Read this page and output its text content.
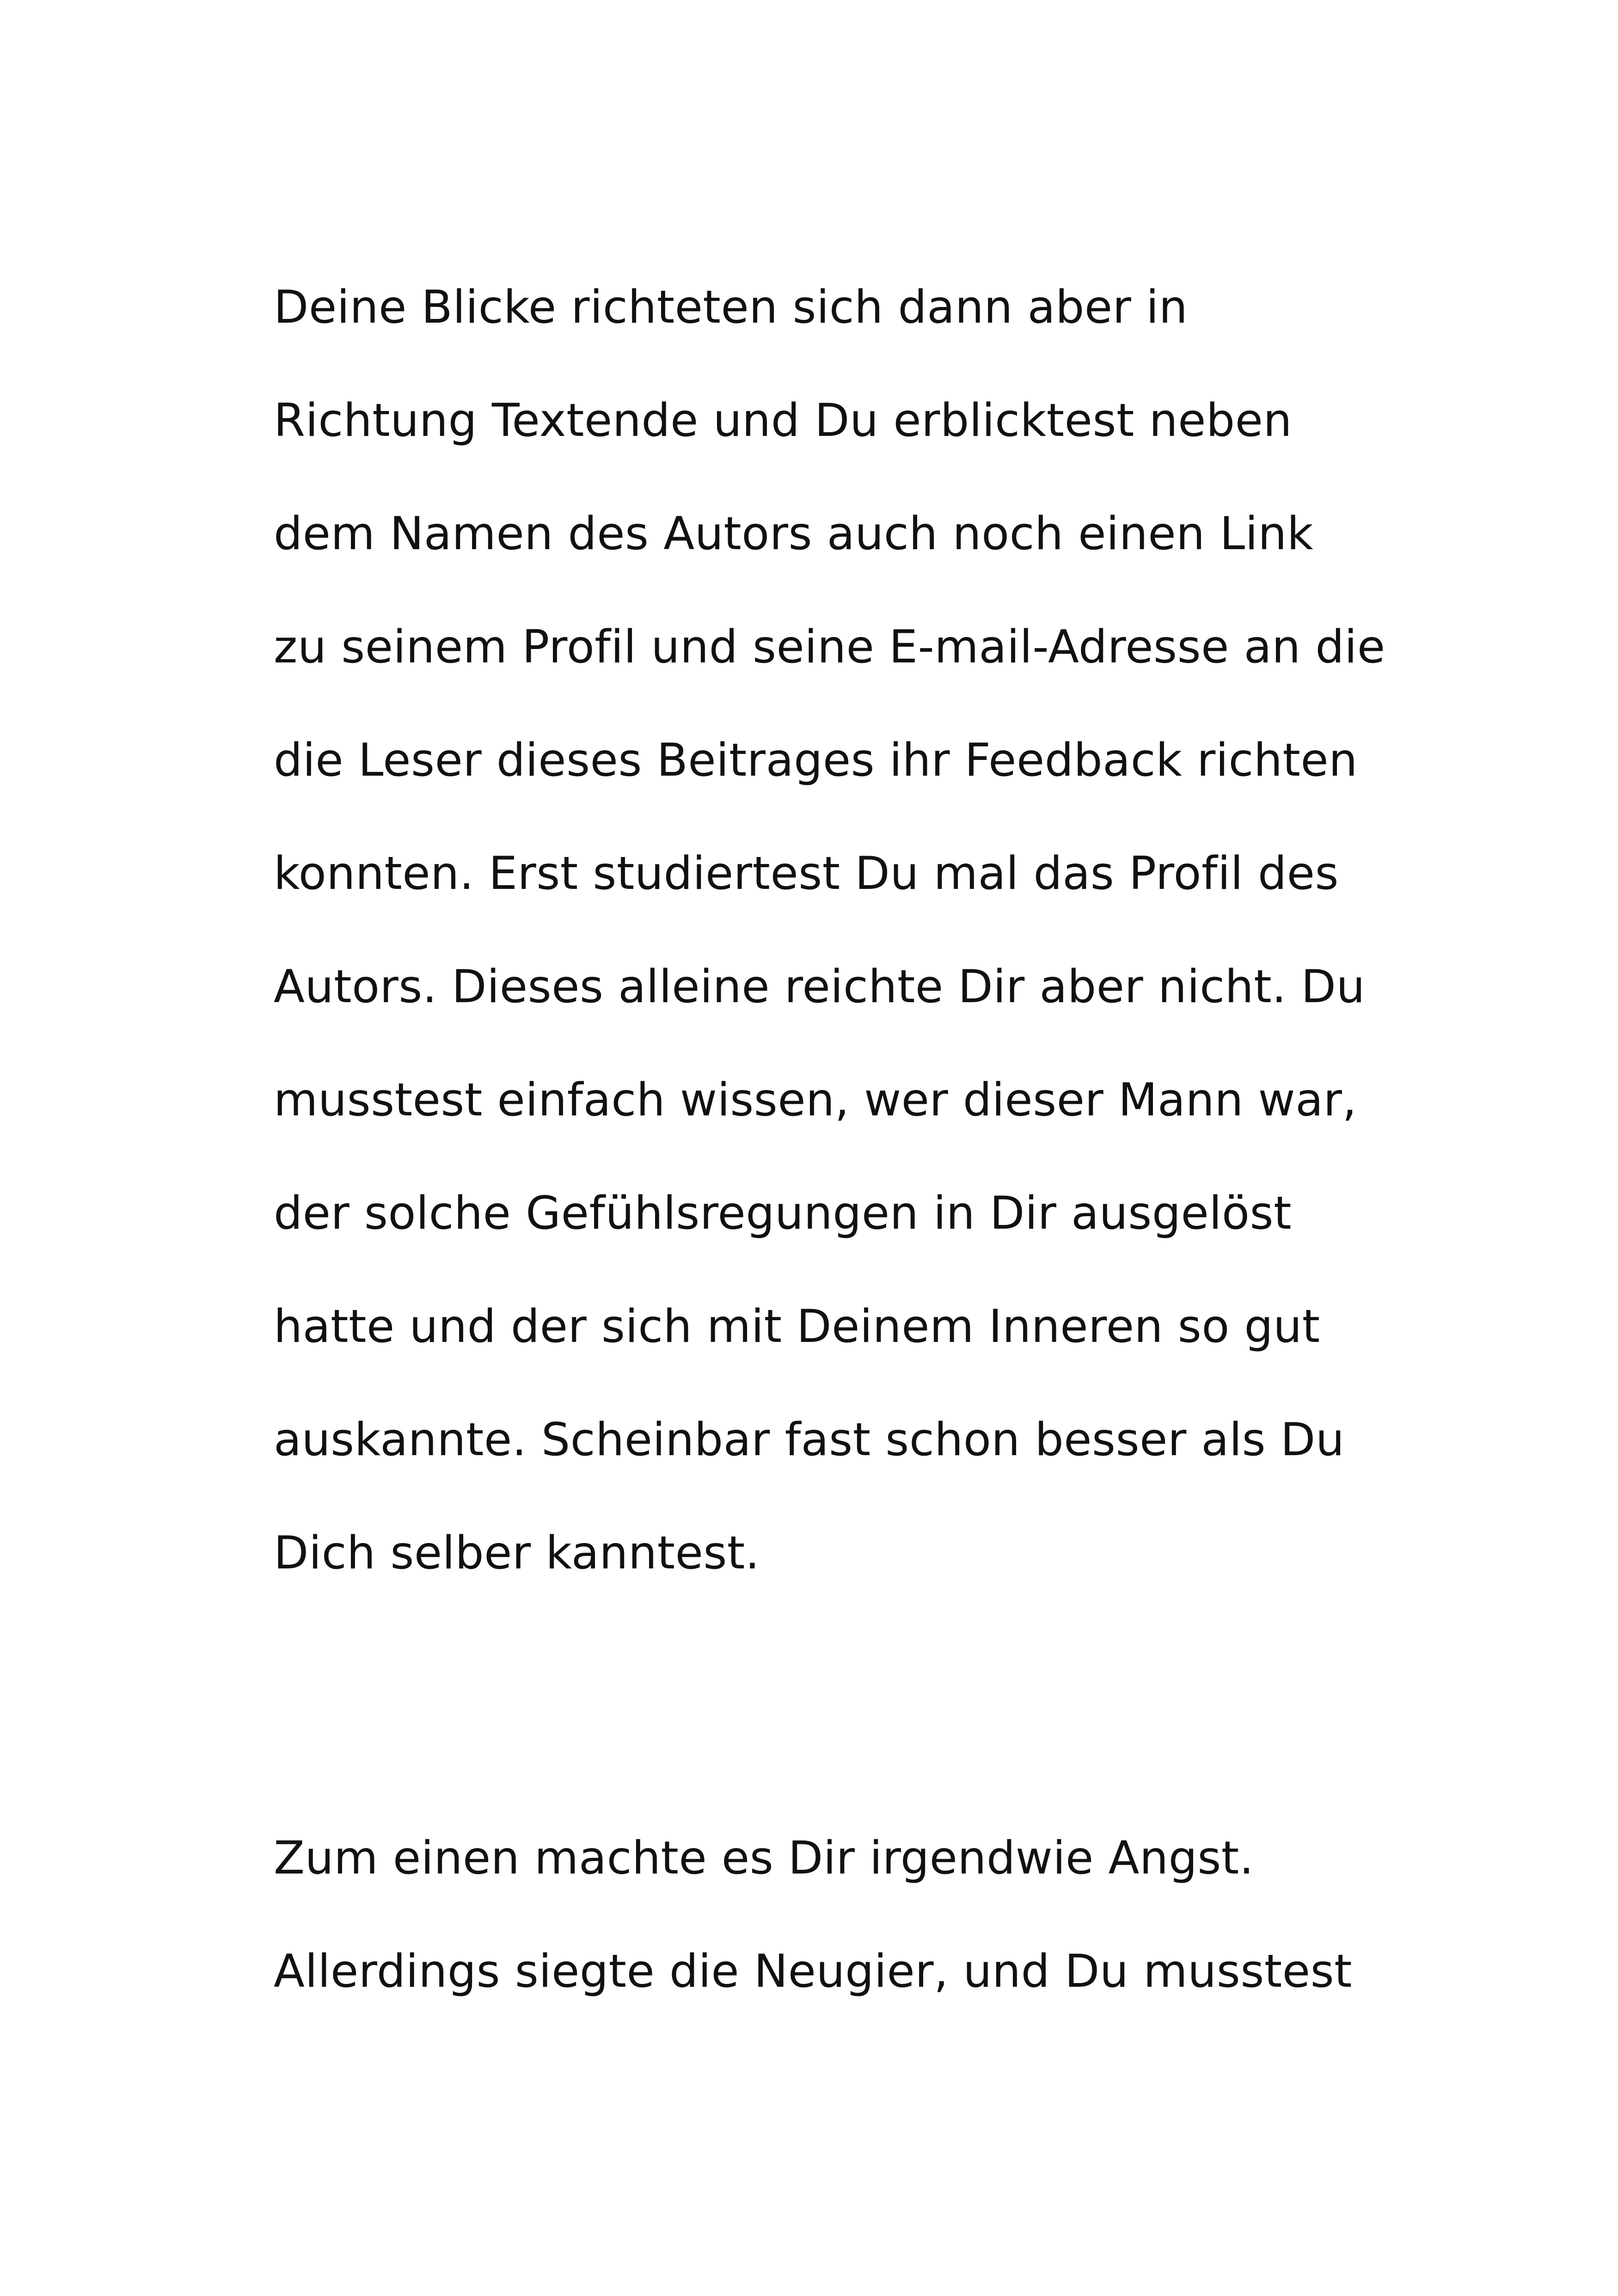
Deine Blicke richteten sich dann aber in

Richtung Textende und Du erblicktest neben

dem Namen des Autors auch noch einen Link

zu seinem Profil und seine E-mail-Adresse an die

die Leser dieses Beitrages ihr Feedback richten

konnten. Erst studiertest Du mal das Profil des

Autors. Dieses alleine reichte Dir aber nicht. Du

musstest einfach wissen, wer dieser Mann war,

der solche Gefühlsregungen in Dir ausgelöst

hatte und der sich mit Deinem Inneren so gut

auskannte. Scheinbar fast schon besser als Du

Dich selber kanntest.

Zum einen machte es Dir irgendwie Angst.

Allerdings siegte die Neugier, und Du musstest
